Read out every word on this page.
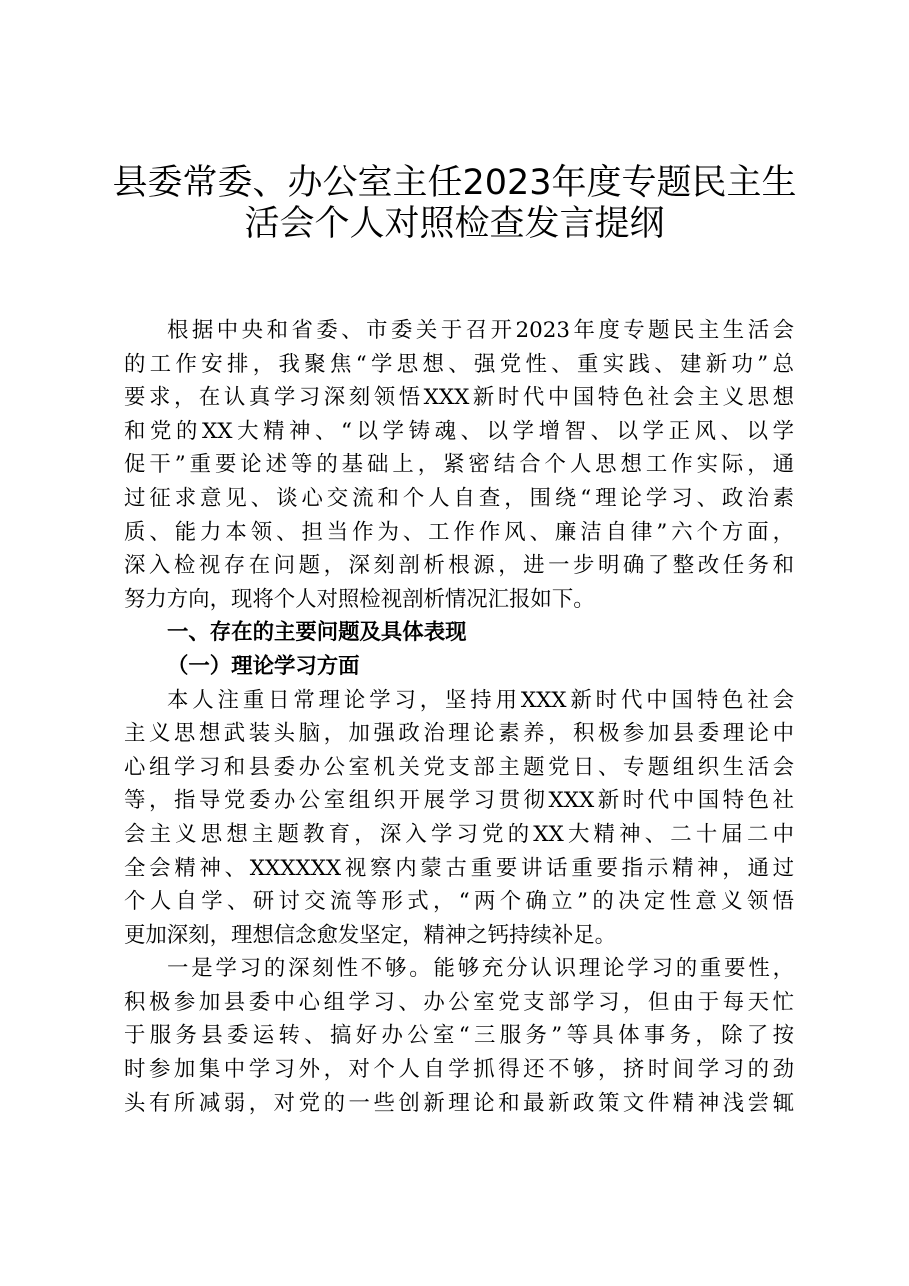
县委常委、办公室主任2023年度专题民主生
活会个人对照检查发言提纲
根据中央和省委、市委关于召开2023年度专题民主生活会
的工作安排，我聚焦“学思想、强党性、重实践、建新功”总
要求，在认真学习深刻领悟XXX新时代中国特色社会主义思想
和党的XX大精神、“以学铸魂、以学增智、以学正风、以学
促干”重要论述等的基础上，紧密结合个人思想工作实际，通
过征求意见、谈心交流和个人自查，围绕“理论学习、政治素
质、能力本领、担当作为、工作作风、廉洁自律”六个方面，
深入检视存在问题，深刻剖析根源，进一步明确了整改任务和
努力方向，现将个人对照检视剖析情况汇报如下。
一、存在的主要问题及具体表现
（一）理论学习方面
本人注重日常理论学习，坚持用XXX新时代中国特色社会
主义思想武装头脑，加强政治理论素养，积极参加县委理论中
心组学习和县委办公室机关党支部主题党日、专题组织生活会
等，指导党委办公室组织开展学习贯彻XXX新时代中国特色社
会主义思想主题教育，深入学习党的XX大精神、二十届二中
全会精神、XXXXXX视察内蒙古重要讲话重要指示精神，通过
个人自学、研讨交流等形式，“两个确立”的决定性意义领悟
更加深刻，理想信念愈发坚定，精神之钙持续补足。
一是学习的深刻性不够。能够充分认识理论学习的重要性，
积极参加县委中心组学习、办公室党支部学习，但由于每天忙
于服务县委运转、搞好办公室“三服务”等具体事务，除了按
时参加集中学习外，对个人自学抓得还不够，挤时间学习的劲
头有所减弱，对党的一些创新理论和最新政策文件精神浅尝辄
